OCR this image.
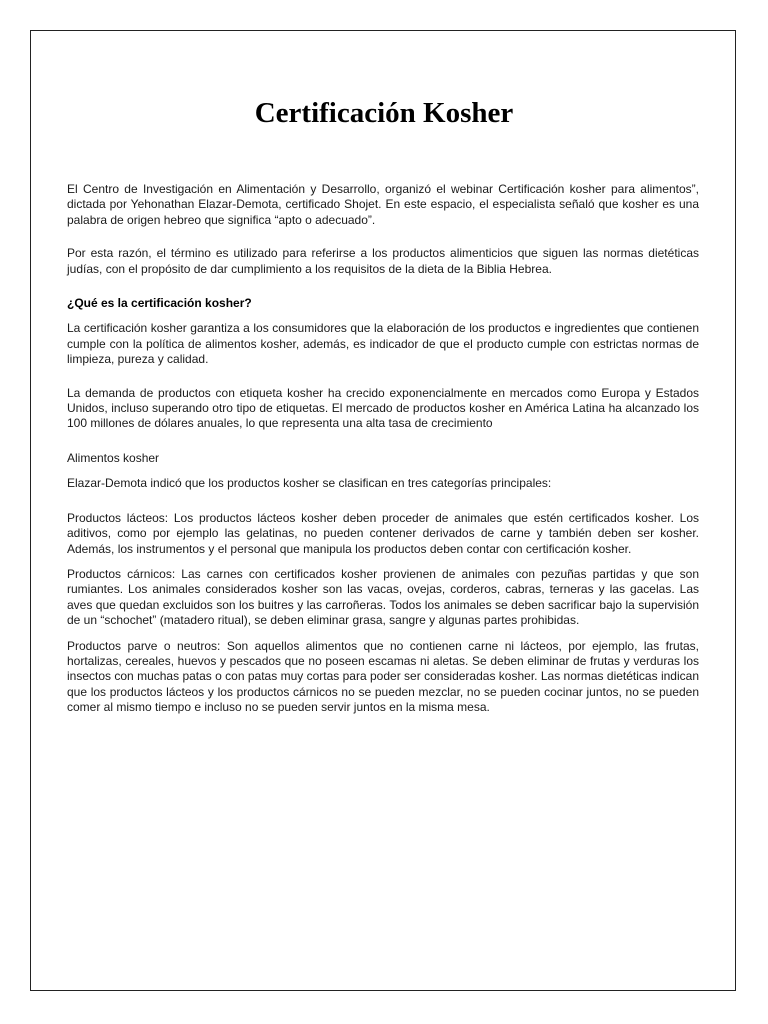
Certificación Kosher

El Centro de Investigación en Alimentación y Desarrollo, organizó el webinar Certificación kosher para alimentos”, dictada por Yehonathan Elazar-Demota, certificado Shojet. En este espacio, el especialista señaló que kosher es una palabra de origen hebreo que significa “apto o adecuado”.

Por esta razón, el término es utilizado para referirse a los productos alimenticios que siguen las normas dietéticas judías, con el propósito de dar cumplimiento a los requisitos de la dieta de la Biblia Hebrea.

¿Qué es la certificación kosher?

La certificación kosher garantiza a los consumidores que la elaboración de los productos e ingredientes que contienen cumple con la política de alimentos kosher, además, es indicador de que el producto cumple con estrictas normas de limpieza, pureza y calidad.

La demanda de productos con etiqueta kosher ha crecido exponencialmente en mercados como Europa y Estados Unidos, incluso superando otro tipo de etiquetas. El mercado de productos kosher en América Latina ha alcanzado los 100 millones de dólares anuales, lo que representa una alta tasa de crecimiento

Alimentos kosher

Elazar-Demota indicó que los productos kosher se clasifican en tres categorías principales:

Productos lácteos: Los productos lácteos kosher deben proceder de animales que estén certificados kosher. Los aditivos, como por ejemplo las gelatinas, no pueden contener derivados de carne y también deben ser kosher. Además, los instrumentos y el personal que manipula los productos deben contar con certificación kosher.

Productos cárnicos: Las carnes con certificados kosher provienen de animales con pezuñas partidas y que son rumiantes. Los animales considerados kosher son las vacas, ovejas, corderos, cabras, terneras y las gacelas. Las aves que quedan excluidos son los buitres y las carroñeras. Todos los animales se deben sacrificar bajo la supervisión de un “schochet” (matadero ritual), se deben eliminar grasa, sangre y algunas partes prohibidas.

Productos parve o neutros: Son aquellos alimentos que no contienen carne ni lácteos, por ejemplo, las frutas, hortalizas, cereales, huevos y pescados que no poseen escamas ni aletas. Se deben eliminar de frutas y verduras los insectos con muchas patas o con patas muy cortas para poder ser consideradas kosher. Las normas dietéticas indican que los productos lácteos y los productos cárnicos no se pueden mezclar, no se pueden cocinar juntos, no se pueden comer al mismo tiempo e incluso no se pueden servir juntos en la misma mesa.
